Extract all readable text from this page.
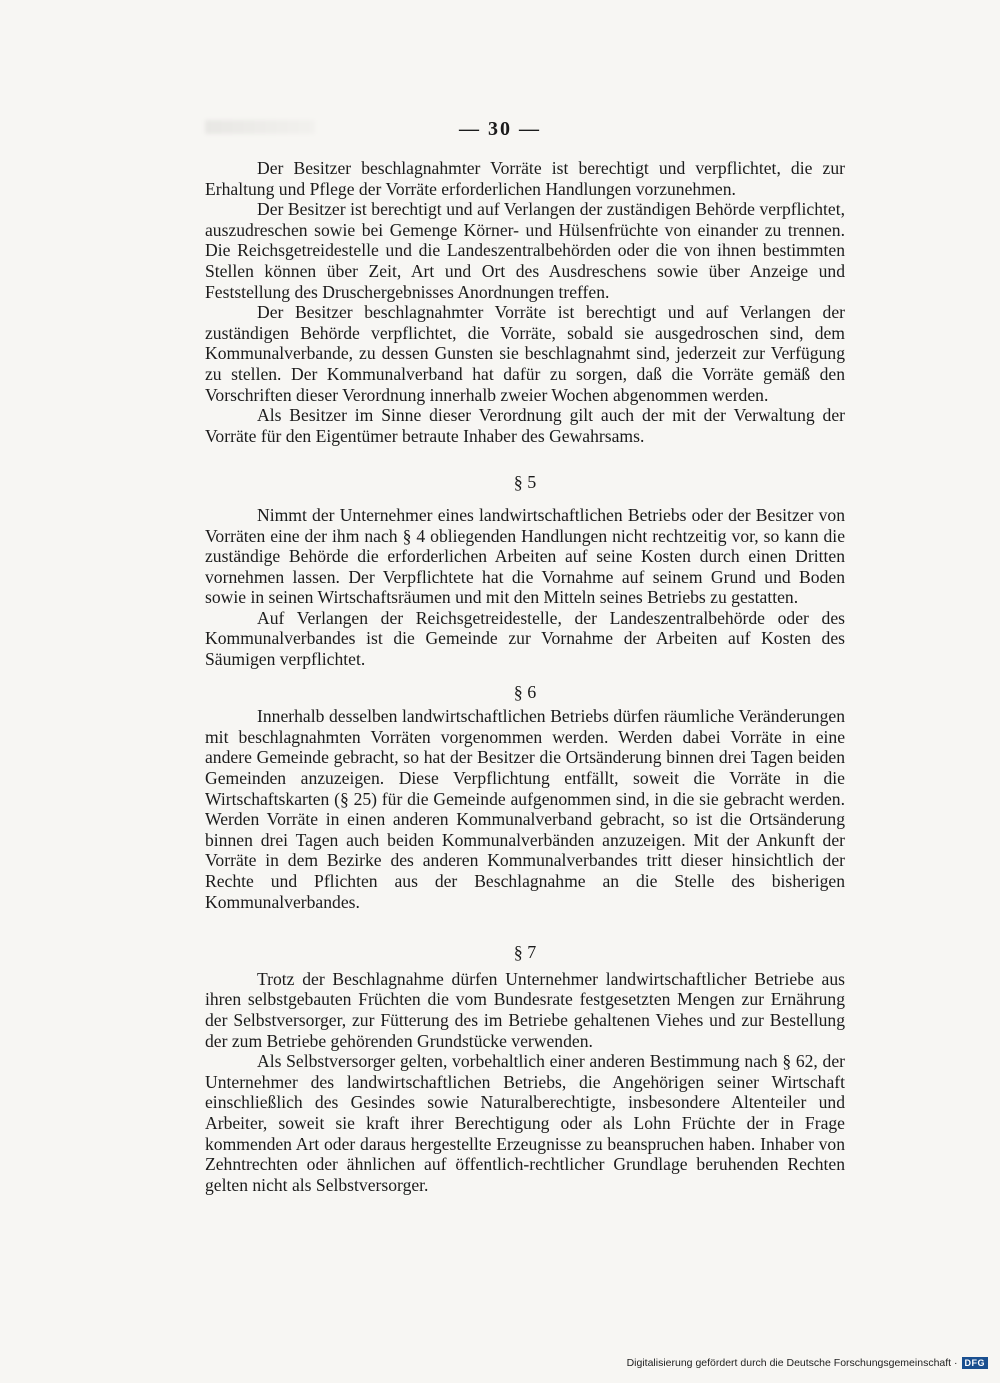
— 30 —

Der Besitzer beschlagnahmter Vorräte ist berechtigt und verpflichtet, die zur Erhaltung und Pflege der Vorräte erforderlichen Handlungen vorzunehmen.

Der Besitzer ist berechtigt und auf Verlangen der zuständigen Behörde verpflichtet, auszudreschen sowie bei Gemenge Körner- und Hülsenfrüchte von einander zu trennen. Die Reichsgetreidestelle und die Landeszentralbehörden oder die von ihnen bestimmten Stellen können über Zeit, Art und Ort des Ausdreschens sowie über Anzeige und Feststellung des Druschergebnisses Anordnungen treffen.

Der Besitzer beschlagnahmter Vorräte ist berechtigt und auf Verlangen der zuständigen Behörde verpflichtet, die Vorräte, sobald sie ausgedroschen sind, dem Kommunalverbande, zu dessen Gunsten sie beschlagnahmt sind, jederzeit zur Verfügung zu stellen. Der Kommunalverband hat dafür zu sorgen, daß die Vorräte gemäß den Vorschriften dieser Verordnung innerhalb zweier Wochen abgenommen werden.

Als Besitzer im Sinne dieser Verordnung gilt auch der mit der Verwaltung der Vorräte für den Eigentümer betraute Inhaber des Gewahrsams.

§ 5

Nimmt der Unternehmer eines landwirtschaftlichen Betriebs oder der Besitzer von Vorräten eine der ihm nach § 4 obliegenden Handlungen nicht rechtzeitig vor, so kann die zuständige Behörde die erforderlichen Arbeiten auf seine Kosten durch einen Dritten vornehmen lassen. Der Verpflichtete hat die Vornahme auf seinem Grund und Boden sowie in seinen Wirtschaftsräumen und mit den Mitteln seines Betriebs zu gestatten.

Auf Verlangen der Reichsgetreidestelle, der Landeszentralbehörde oder des Kommunalverbandes ist die Gemeinde zur Vornahme der Arbeiten auf Kosten des Säumigen verpflichtet.

§ 6

Innerhalb desselben landwirtschaftlichen Betriebs dürfen räumliche Veränderungen mit beschlagnahmten Vorräten vorgenommen werden. Werden dabei Vorräte in eine andere Gemeinde gebracht, so hat der Besitzer die Ortsänderung binnen drei Tagen beiden Gemeinden anzuzeigen. Diese Verpflichtung entfällt, soweit die Vorräte in die Wirtschaftskarten (§ 25) für die Gemeinde aufgenommen sind, in die sie gebracht werden. Werden Vorräte in einen anderen Kommunalverband gebracht, so ist die Ortsänderung binnen drei Tagen auch beiden Kommunalverbänden anzuzeigen. Mit der Ankunft der Vorräte in dem Bezirke des anderen Kommunalverbandes tritt dieser hinsichtlich der Rechte und Pflichten aus der Beschlagnahme an die Stelle des bisherigen Kommunalverbandes.

§ 7

Trotz der Beschlagnahme dürfen Unternehmer landwirtschaftlicher Betriebe aus ihren selbstgebauten Früchten die vom Bundesrate festgesetzten Mengen zur Ernährung der Selbstversorger, zur Fütterung des im Betriebe gehaltenen Viehes und zur Bestellung der zum Betriebe gehörenden Grundstücke verwenden.

Als Selbstversorger gelten, vorbehaltlich einer anderen Bestimmung nach § 62, der Unternehmer des landwirtschaftlichen Betriebs, die Angehörigen seiner Wirtschaft einschließlich des Gesindes sowie Naturalberechtigte, insbesondere Altenteiler und Arbeiter, soweit sie kraft ihrer Berechtigung oder als Lohn Früchte der in Frage kommenden Art oder daraus hergestellte Erzeugnisse zu beanspruchen haben. Inhaber von Zehntrechten oder ähnlichen auf öffentlich-rechtlicher Grundlage beruhenden Rechten gelten nicht als Selbstversorger.

Digitalisierung gefördert durch die Deutsche Forschungsgemeinschaft · DFG
